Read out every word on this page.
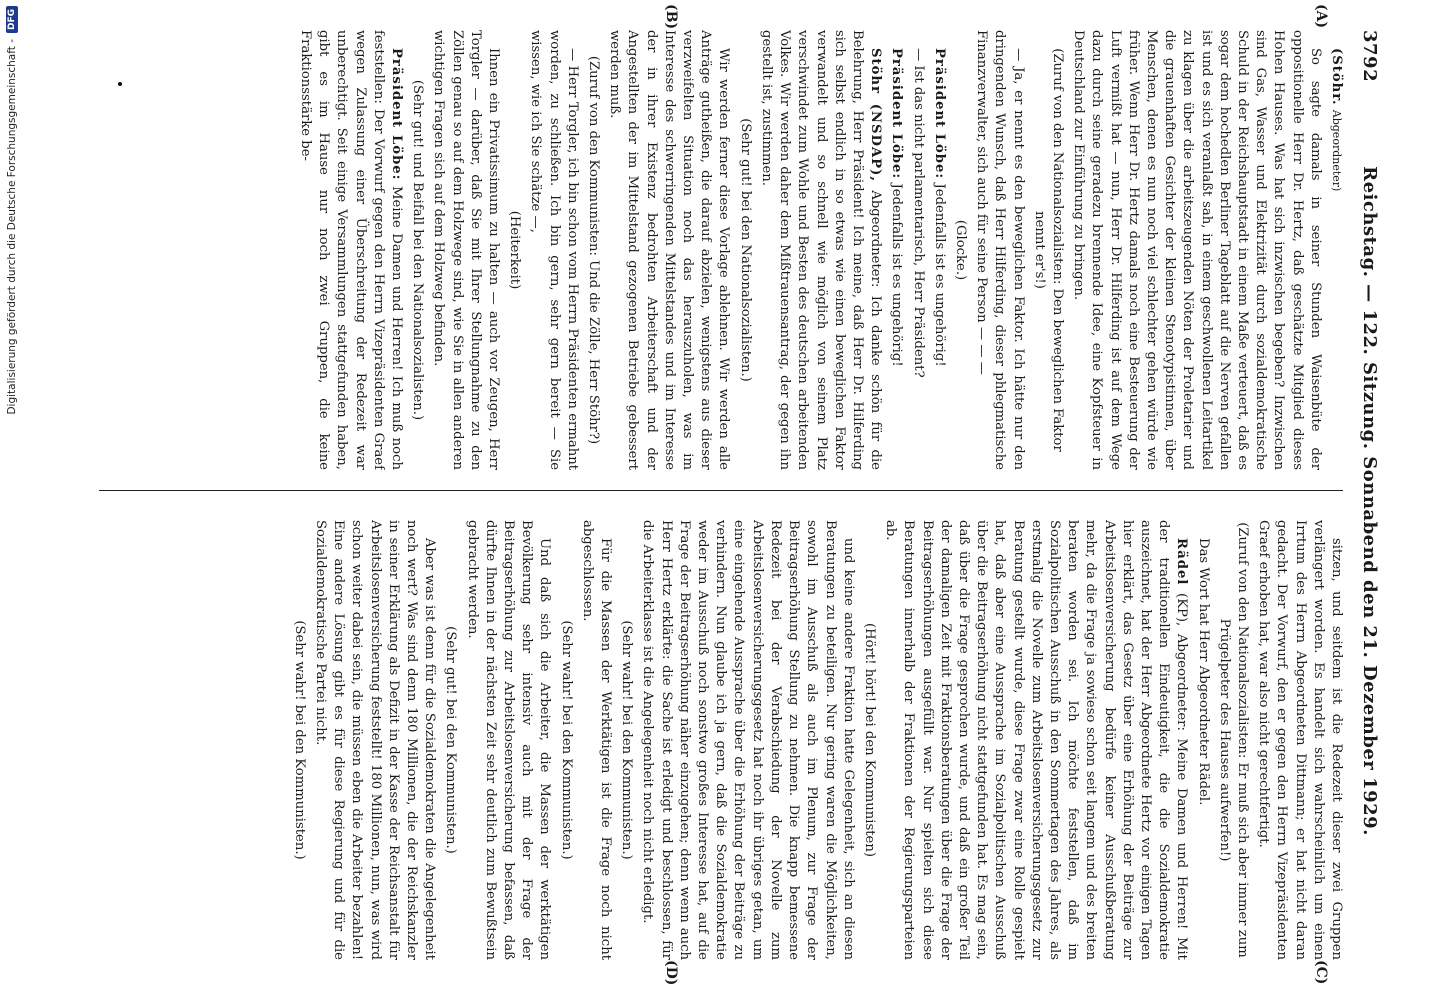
3792
Reichstag. — 122. Sitzung. Sonnabend den 21. Dezember 1929.
(A)
(B)
(C)
(D)

(Stöhr. Abgeordneter)

So sagte damals in seiner Stunden Waisenbüte der oppositionelle Herr Dr. Hertz, daß geschätzte Mitglied dieses Hohen Hauses. Was hat sich inzwischen begeben? Inzwischen sind Gas, Wasser und Elektrizität durch sozialdemokratische Schuld in der Reichshauptstadt in einem Maße verteuert, daß es sogar dem hochedlen Berliner Tageblatt auf die Nerven gefallen ist und es sich veranlaßt sah, in einem geschwollenen Leitartikel zu klagen über die arbeitszeugenden Nöten der Proletarier und die grauenhaften Gesichter der kleinen Stenotypistinnen, über Menschen, denen es nun noch viel schlechter gehen würde wie früher. Wenn Herr Dr. Hertz damals noch eine Besteuerung der Luft vermißt hat — nun, Herr Dr. Hilferding ist auf dem Wege dazu durch seine geradezu brennende Idee, eine Kopfsteuer in Deutschland zur Einführung zu bringen.

(Zuruf von den Nationalsozialisten: Den beweglichen Faktor nennt er's!)

— Ja, er nennt es den beweglichen Faktor. Ich hätte nur den dringenden Wunsch, daß Herr Hilferding, dieser phlegmatische Finanzverwalter, sich auch für seine Person — — —

(Glocke.)

Präsident Löbe: Jedenfalls ist es ungehörig!

— Ist das nicht parlamentarisch, Herr Präsident?

Präsident Löbe: Jedenfalls ist es ungehörig!

Stöhr (NSDAP), Abgeordneter: Ich danke schön für die Belehrung, Herr Präsident! Ich meine, daß Herr Dr. Hilferding sich selbst endlich in so etwas wie einen beweglichen Faktor verwandelt und so schnell wie möglich von seinem Platz verschwindet zum Wohle und Besten des deutschen arbeitenden Volkes. Wir werden daher dem Mißtrauensantrag, der gegen ihn gestellt ist, zustimmen.

(Sehr gut! bei den Nationalsozialisten.)

Wir werden ferner diese Vorlage ablehnen. Wir werden alle Anträge gutheißen, die darauf abzielen, wenigstens aus dieser verzweifelten Situation noch das herauszuholen, was im Interesse des schwerringenden Mittelstandes und im Interesse der in ihrer Existenz bedrohten Arbeiterschaft und der Angestellten der im Mittelstand gezogenen Betriebe gebessert werden muß.

(Zuruf von den Kommunisten: Und die Zölle, Herr Stöhr?)

— Herr Torgler, ich bin schon vom Herrn Präsidenten ermahnt worden, zu schließen. Ich bin gern, sehr gern bereit — Sie wissen, wie ich Sie schätze —,

(Heiterkeit)

Ihnen ein Privatissimum zu halten — auch vor Zeugen, Herr Torgler — darüber, daß Sie mit Ihrer Stellungnahme zu den Zöllen genau so auf dem Holzwege sind, wie Sie in allen anderen wichtigen Fragen sich auf dem Holzweg befinden.

(Sehr gut! und Beifall bei den Nationalsozialisten.)

Präsident Löbe: Meine Damen und Herren! Ich muß noch feststellen: Der Vorwurf gegen den Herrn Vizepräsidenten Graef wegen Zulassung einer Überschreitung der Redezeit war unberechtigt. Seit einige Versammlungen stattgefunden haben, gibt es im Hause nur noch zwei Gruppen, die keine Fraktionsstärke be-

sitzen, und seitdem ist die Redezeit dieser zwei Gruppen verlängert worden. Es handelt sich wahrscheinlich um einen Irrtum des Herrn Abgeordneten Dittmann; er hat nicht daran gedacht. Der Vorwurf, den er gegen den Herrn Vizepräsidenten Graef erhoben hat, war also nicht gerechtfertigt.

(Zuruf von den Nationalsozialisten: Er muß sich aber immer zum Prügelpeter des Hauses aufwerfen!)

Das Wort hat Herr Abgeordneter Rädel.

Rädel (KP), Abgeordneter: Meine Damen und Herren! Mit der traditionellen Eindeutigkeit, die die Sozialdemokratie auszeichnet, hat der Herr Abgeordnete Hertz vor einigen Tagen hier erklärt, das Gesetz über eine Erhöhung der Beiträge zur Arbeitslosenversicherung bedürfe keiner Ausschußberatung mehr, da die Frage ja sowieso schon seit langem und des breiten beraten worden sei. Ich möchte feststellen, daß im Sozialpolitischen Ausschuß in den Sommertagen des Jahres, als erstmalig die Novelle zum Arbeitslosenversicherungsgesetz zur Beratung gestellt wurde, diese Frage zwar eine Rolle gespielt hat, daß aber eine Aussprache im Sozialpolitischen Ausschuß über die Beitragserhöhung nicht stattgefunden hat. Es mag sein, daß über die Frage gesprochen wurde, und daß ein großer Teil der damaligen Zeit mit Fraktionsberatungen über die Frage der Beitragserhöhungen ausgefüllt war. Nur spielten sich diese Beratungen innerhalb der Fraktionen der Regierungsparteien ab.

(Hört! hört! bei den Kommunisten)

und keine andere Fraktion hatte Gelegenheit, sich an diesen Beratungen zu beteiligen. Nur gering waren die Möglichkeiten, sowohl im Ausschuß als auch im Plenum, zur Frage der Beitragserhöhung Stellung zu nehmen. Die knapp bemessene Redezeit bei der Verabschiedung der Novelle zum Arbeitslosenversicherungsgesetz hat noch ihr übriges getan, um eine eingehende Aussprache über die Erhöhung der Beiträge zu verhindern. Nun glaube ich ja gern, daß die Sozialdemokratie weder im Ausschuß noch sonstwo großes Interesse hat, auf die Frage der Beitragserhöhung näher einzugehen; denn wenn auch Herr Hertz erklärte: die Sache ist erledigt und beschlossen, für die Arbeiterklasse ist die Angelegenheit noch nicht erledigt.

(Sehr wahr! bei den Kommunisten.)

Für die Massen der Werktätigen ist die Frage noch nicht abgeschlossen.

(Sehr wahr! bei den Kommunisten.)

Und daß sich die Arbeiter, die Massen der werktätigen Bevölkerung sehr intensiv auch mit der Frage der Beitragserhöhung zur Arbeitslosenversicherung befassen, daß dürfte Ihnen in der nächsten Zeit sehr deutlich zum Bewußtsein gebracht werden.

(Sehr gut! bei den Kommunisten.)

Aber was ist denn für die Sozialdemokraten die Angelegenheit noch wert? Was sind denn 180 Millionen, die der Reichskanzler in seiner Erklärung als Defizit in der Kasse der Reichsanstalt für Arbeitslosenversicherung feststellt! 180 Millionen, nun, was wird schon weiter dabei sein, die müssen eben die Arbeiter bezahlen! Eine andere Lösung gibt es für diese Regierung und für die Sozialdemokratische Partei nicht.

(Sehr wahr! bei den Kommunisten.)

Digitalisierung gefördert durch die Deutsche Forschungsgemeinschaft -
DFG
